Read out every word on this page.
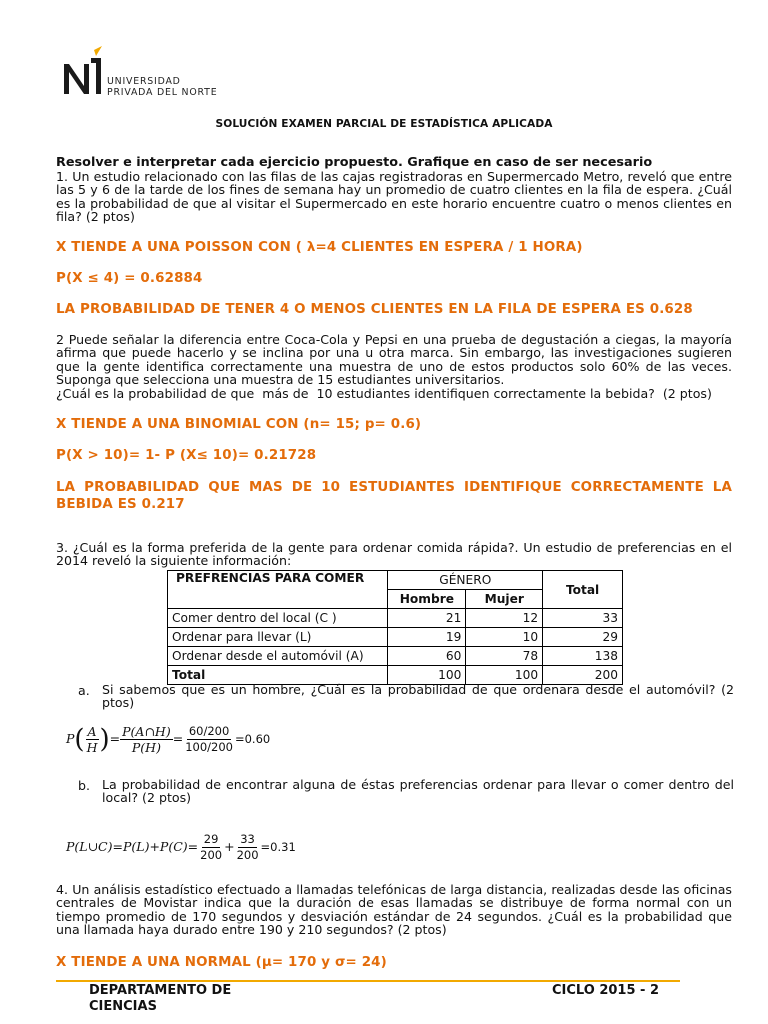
UNIVERSIDAD
PRIVADA DEL NORTE
SOLUCIÓN EXAMEN PARCIAL DE ESTADÍSTICA APLICADA
Resolver e interpretar cada ejercicio propuesto. Grafique en caso de ser necesario
1. Un estudio relacionado con las filas de las cajas registradoras en Supermercado Metro, reveló que entre las 5 y 6 de la tarde de los fines de semana hay un promedio de cuatro clientes en la fila de espera. ¿Cuál es la probabilidad de que al visitar el Supermercado en este horario encuentre cuatro o menos clientes en fila? (2 ptos)
X TIENDE A UNA POISSON CON ( λ=4 CLIENTES EN ESPERA / 1 HORA)
P(X ≤ 4) = 0.62884
LA PROBABILIDAD DE TENER 4 O MENOS CLIENTES EN LA FILA DE ESPERA ES 0.628
2 Puede señalar la diferencia entre Coca-Cola y Pepsi en una prueba de degustación a ciegas, la mayoría afirma que puede hacerlo y se inclina por una u otra marca. Sin embargo, las investigaciones sugieren que la gente identifica correctamente una muestra de uno de estos productos solo 60% de las veces. Suponga que selecciona una muestra de 15 estudiantes universitarios.
¿Cuál es la probabilidad de que  más de  10 estudiantes identifiquen correctamente la bebida?  (2 ptos)
X TIENDE A UNA BINOMIAL CON (n= 15; p= 0.6)
P(X > 10)= 1- P (X≤ 10)= 0.21728
LA PROBABILIDAD QUE MAS DE 10 ESTUDIANTES IDENTIFIQUE CORRECTAMENTE LA BEBIDA ES 0.217
3. ¿Cuál es la forma preferida de la gente para ordenar comida rápida?. Un estudio de preferencias en el 2014 reveló la siguiente información:
PREFRENCIAS PARA COMER	GÉNERO		Total
	Hombre	Mujer	
Comer dentro del local (C )	21	12	33
Ordenar para llevar (L)	19	10	29
Ordenar desde el automóvil (A)	60	78	138
Total	100	100	200
a. Si sabemos que es un hombre, ¿Cuál es la probabilidad de que ordenara desde el automóvil? (2 ptos)
$P( \frac{A}{H}$ )= $\frac{P(A\cap H)}{P(H)} = \frac{60/200}{100/200} =0.60$
b. La probabilidad de encontrar alguna de éstas preferencias ordenar para llevar o comer dentro del local? (2 ptos)
P(L∪C)=P(L)+P(C)= $\frac{29}{200} + \frac{33}{200} =0.31$
4. Un análisis estadístico efectuado a llamadas telefónicas de larga distancia, realizadas desde las oficinas centrales de Movistar indica que la duración de esas llamadas se distribuye de forma normal con un tiempo promedio de 170 segundos y desviación estándar de 24 segundos. ¿Cuál es la probabilidad que una llamada haya durado entre 190 y 210 segundos? (2 ptos)
X TIENDE A UNA NORMAL (μ= 170 y σ= 24)
DEPARTAMENTO DE CIENCIAS
CICLO 2015 - 2
